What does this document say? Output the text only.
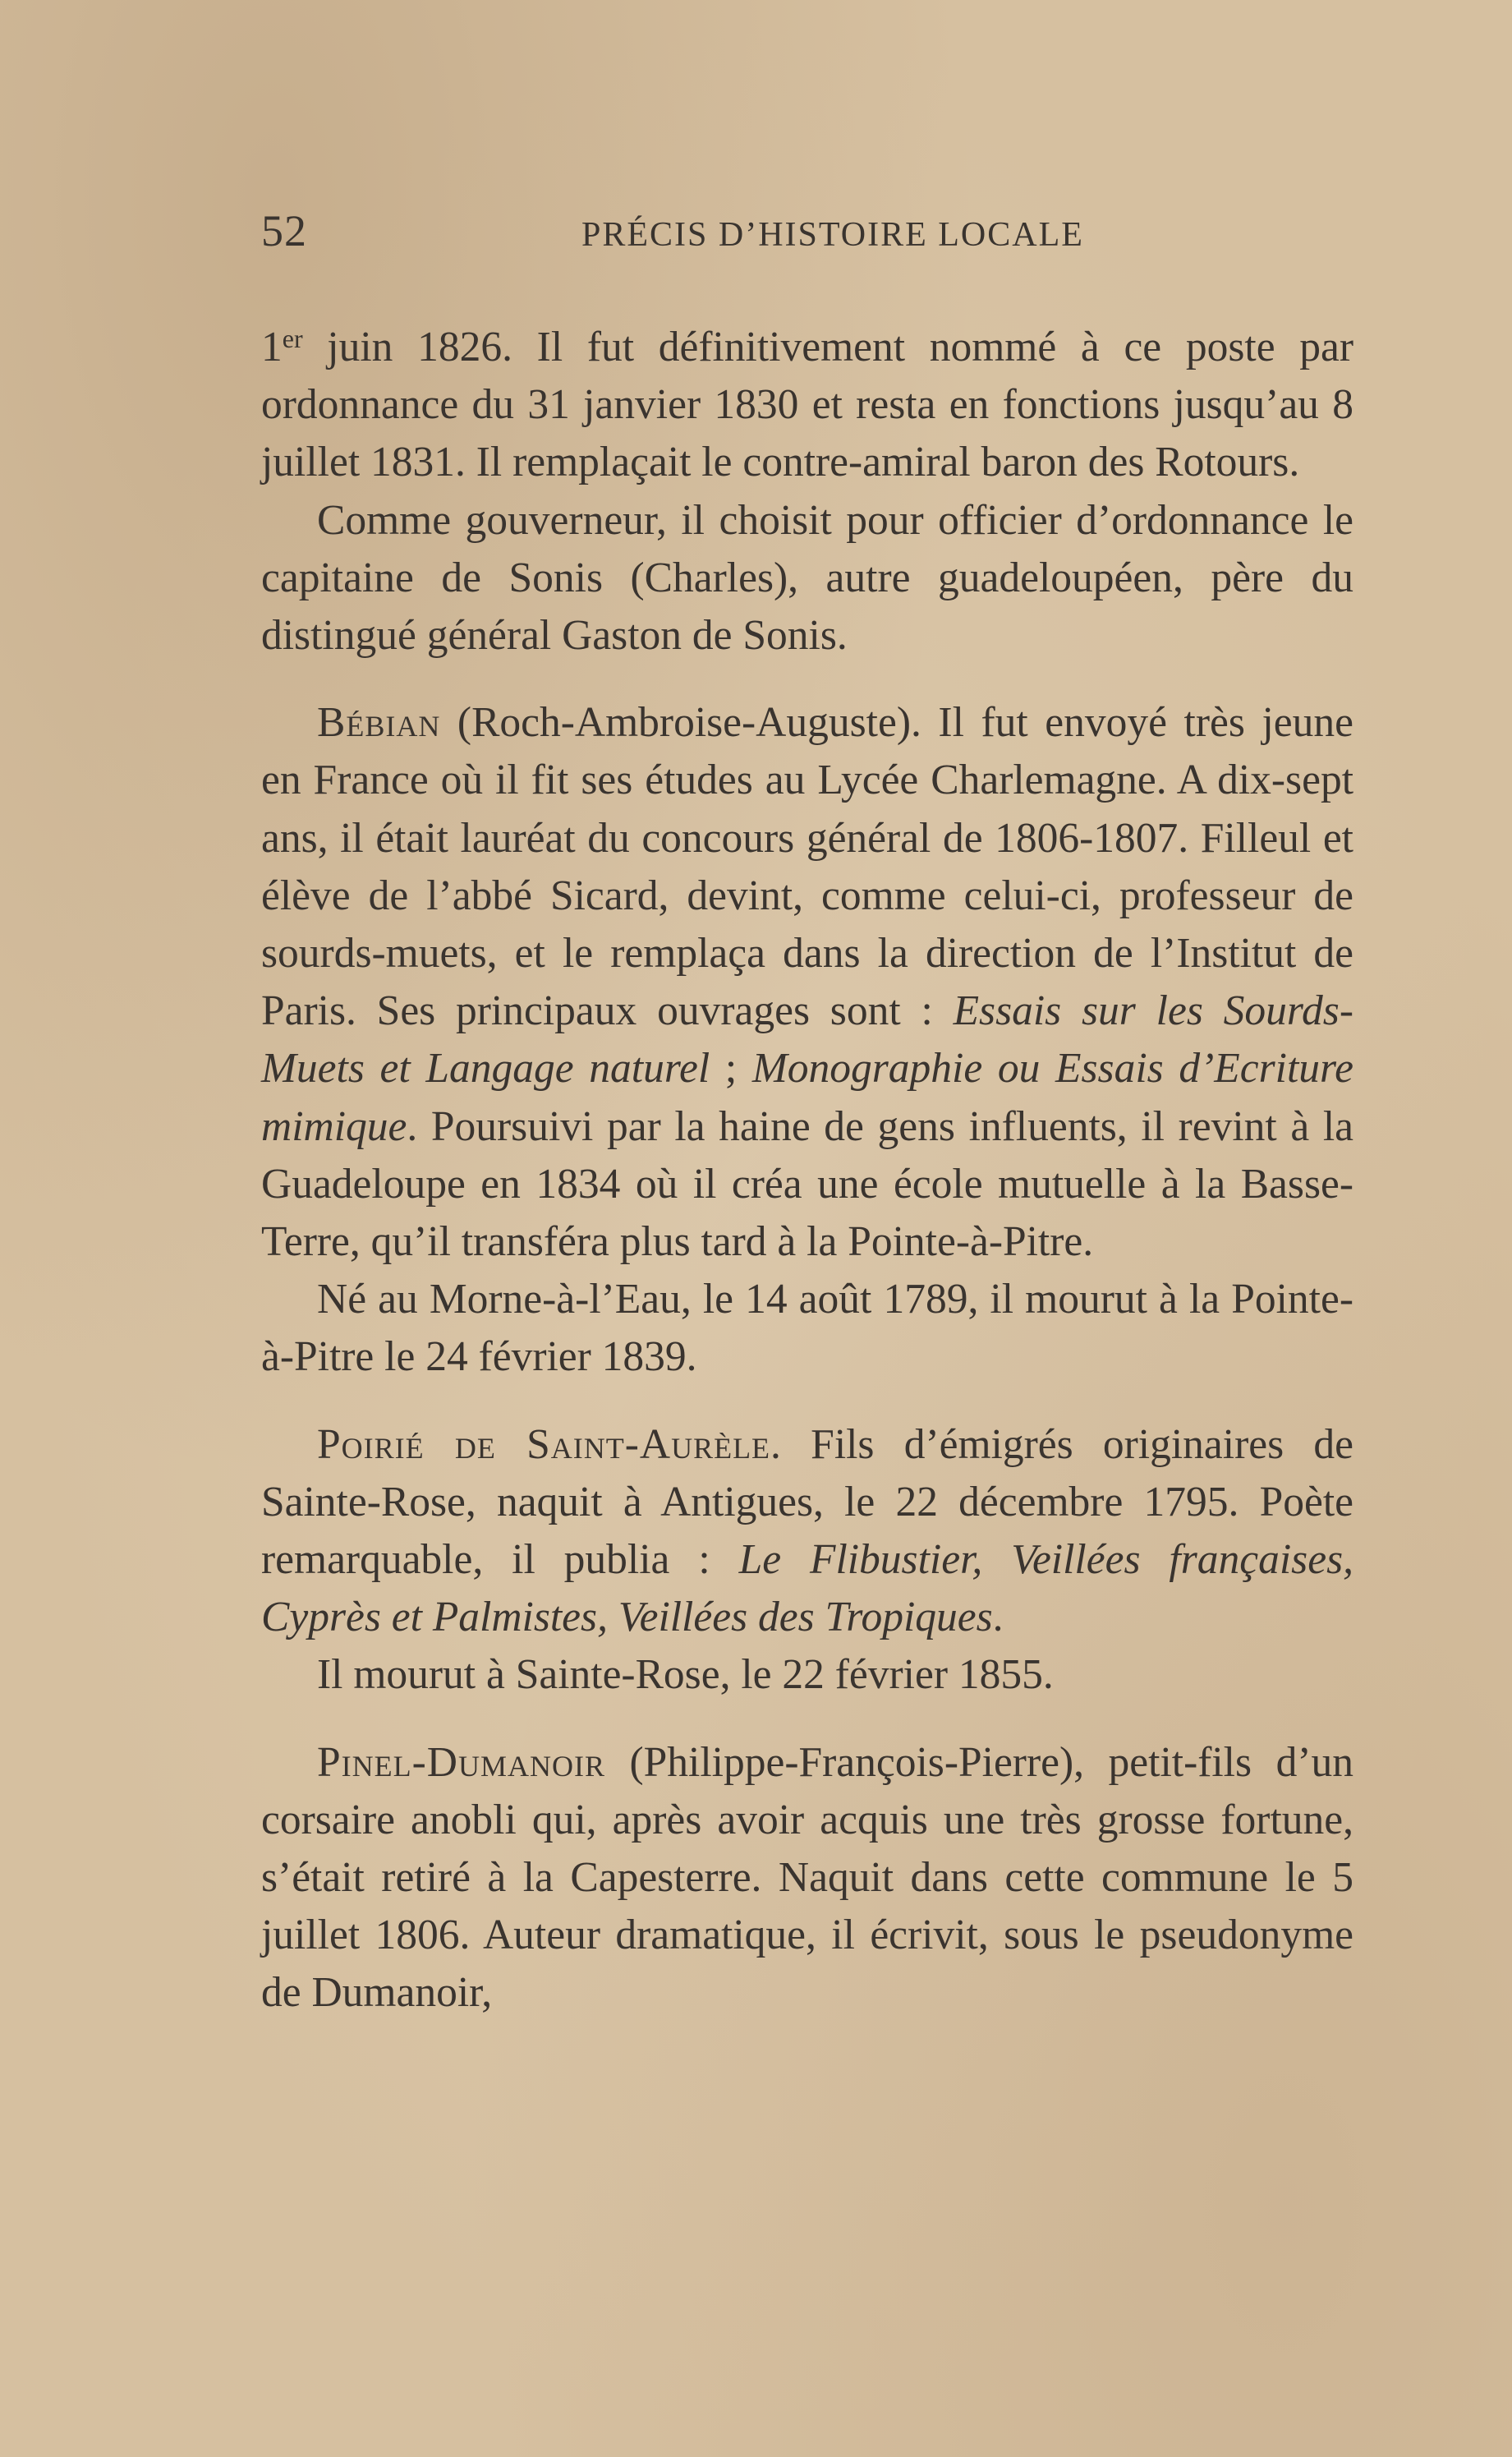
52	PRÉCIS D’HISTOIRE LOCALE

1er juin 1826. Il fut définitivement nommé à ce poste par ordonnance du 31 janvier 1830 et resta en fonctions jusqu’au 8 juillet 1831. Il remplaçait le contre-amiral baron des Rotours.

Comme gouverneur, il choisit pour officier d’ordonnance le capitaine de Sonis (Charles), autre guadeloupéen, père du distingué général Gaston de Sonis.

Bébian (Roch-Ambroise-Auguste). Il fut envoyé très jeune en France où il fit ses études au Lycée Charlemagne. A dix-sept ans, il était lauréat du concours général de 1806-1807. Filleul et élève de l’abbé Sicard, devint, comme celui-ci, professeur de sourds-muets, et le remplaça dans la direction de l’Institut de Paris. Ses principaux ouvrages sont : Essais sur les Sourds-Muets et Langage naturel ; Monographie ou Essais d’Ecriture mimique. Poursuivi par la haine de gens influents, il revint à la Guadeloupe en 1834 où il créa une école mutuelle à la Basse-Terre, qu’il transféra plus tard à la Pointe-à-Pitre.

Né au Morne-à-l’Eau, le 14 août 1789, il mourut à la Pointe-à-Pitre le 24 février 1839.

Poirié de Saint-Aurèle. Fils d’émigrés originaires de Sainte-Rose, naquit à Antigues, le 22 décembre 1795. Poète remarquable, il publia : Le Flibustier, Veillées françaises, Cyprès et Palmistes, Veillées des Tropiques.

Il mourut à Sainte-Rose, le 22 février 1855.

Pinel-Dumanoir (Philippe-François-Pierre), petit-fils d’un corsaire anobli qui, après avoir acquis une très grosse fortune, s’était retiré à la Capesterre. Naquit dans cette commune le 5 juillet 1806. Auteur dramatique, il écrivit, sous le pseudonyme de Dumanoir,
